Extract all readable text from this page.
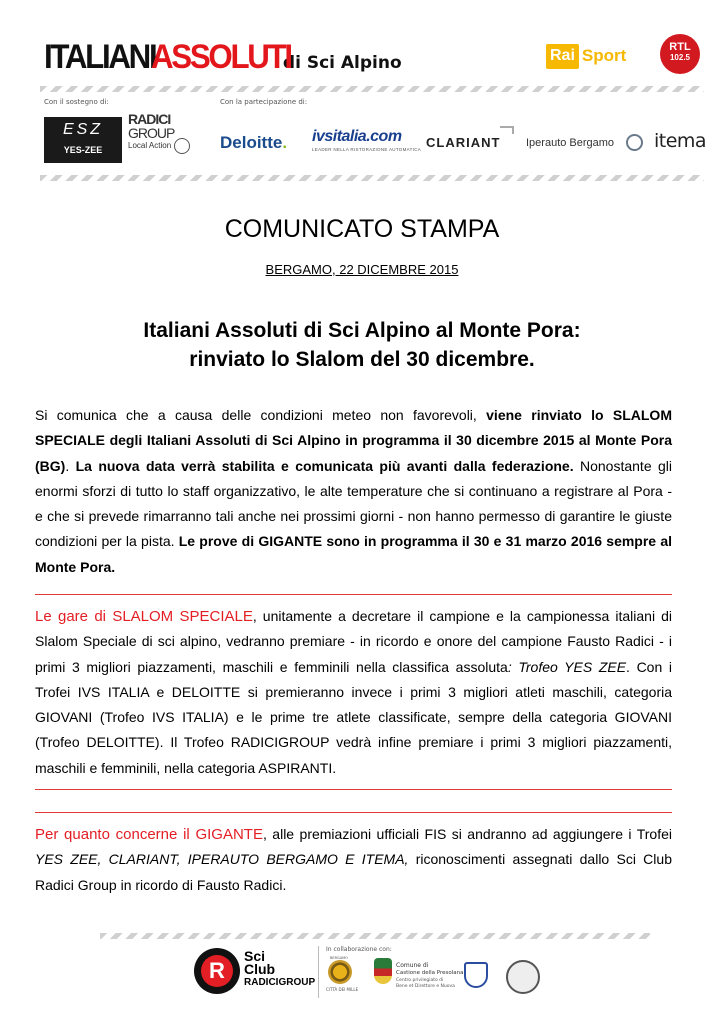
ITALIANI
ASSOLUTI
di Sci Alpino	Rai Sport	RTL
102.5
Con il sostegno di:	Con la partecipazione di:
ESZ
YES-ZEE
RADICI
GROUP
Local Action	Deloitte. ivsitalia.com
LEADER NELLA RISTORAZIONE AUTOMATICA CLARIANT Iperauto Bergamo itema
COMUNICATO STAMPA
BERGAMO, 22 DICEMBRE 2015
Italiani Assoluti di Sci Alpino al Monte Pora:
rinviato lo Slalom del 30 dicembre.
Si comunica che a causa delle condizioni meteo non favorevoli, viene rinviato lo SLALOM SPECIALE degli Italiani Assoluti di Sci Alpino in programma il 30 dicembre 2015 al Monte Pora (BG). La nuova data verrà stabilita e comunicata più avanti dalla federazione. Nonostante gli enormi sforzi di tutto lo staff organizzativo, le alte temperature che si continuano a registrare al Pora - e che si prevede rimarranno tali anche nei prossimi giorni - non hanno permesso di garantire le giuste condizioni per la pista. Le prove di GIGANTE sono in programma il 30 e 31 marzo 2016 sempre al Monte Pora.
Le gare di SLALOM SPECIALE, unitamente a decretare il campione e la campionessa italiani di Slalom Speciale di sci alpino, vedranno premiare - in ricordo e onore del campione Fausto Radici - i primi 3 migliori piazzamenti, maschili e femminili nella classifica assoluta: Trofeo YES ZEE. Con i Trofei IVS ITALIA e DELOITTE si premieranno invece i primi 3 migliori atleti maschili, categoria GIOVANI (Trofeo IVS ITALIA) e le prime tre atlete classificate, sempre della categoria GIOVANI (Trofeo DELOITTE). Il Trofeo RADICIGROUP vedrà infine premiare i primi 3 migliori piazzamenti, maschili e femminili, nella categoria ASPIRANTI.
Per quanto concerne il GIGANTE, alle premiazioni ufficiali FIS si andranno ad aggiungere i Trofei YES ZEE, CLARIANT, IPERAUTO BERGAMO E ITEMA, riconoscimenti assegnati dallo Sci Club Radici Group in ricordo di Fausto Radici.
R
Sci
Club
RADICIGROUP
In collaborazione con:
BERGAMO
CITTÀ DEI MILLE
Comune di
Castione della Presolana
Centro privilegiato di
Bene et Direttore e Nuova
